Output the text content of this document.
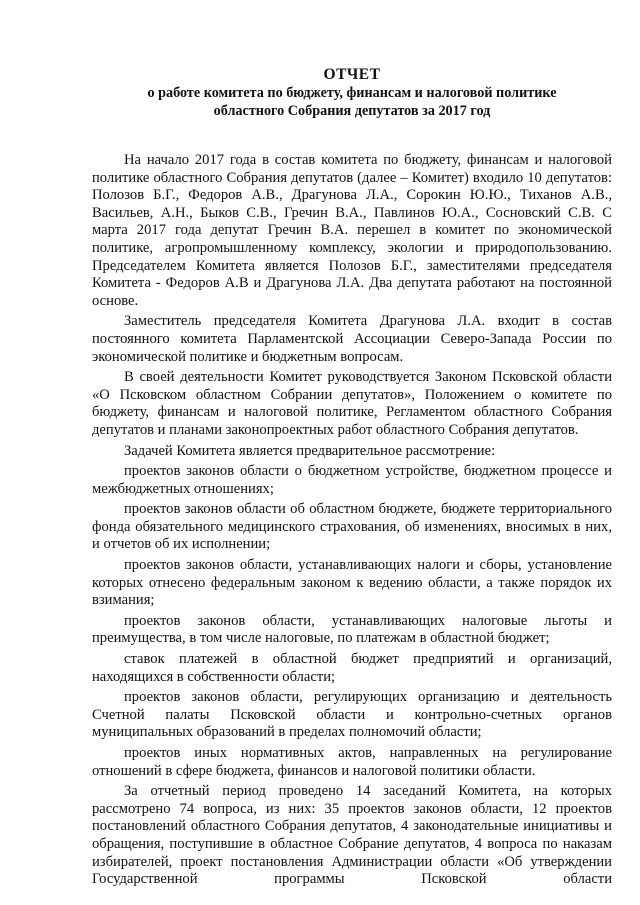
ОТЧЕТ

о работе комитета по бюджету, финансам и налоговой политике

областного Собрания депутатов за 2017 год

На начало 2017 года в состав комитета по бюджету, финансам и налоговой политике областного Собрания депутатов (далее – Комитет) входило 10 депутатов: Полозов Б.Г., Федоров А.В., Драгунова Л.А., Сорокин Ю.Ю., Тиханов А.В., Васильев, А.Н., Быков С.В., Гречин В.А., Павлинов Ю.А., Сосновский С.В. С марта 2017 года депутат Гречин В.А. перешел в комитет по экономической политике, агропромышленному комплексу, экологии и природопользованию. Председателем Комитета является Полозов Б.Г., заместителями председателя Комитета - Федоров А.В и Драгунова Л.А. Два депутата работают на постоянной основе.

Заместитель председателя Комитета Драгунова Л.А. входит в состав постоянного комитета Парламентской Ассоциации Северо-Запада России по экономической политике и бюджетным вопросам.

В своей деятельности Комитет руководствуется Законом Псковской области «О Псковском областном Собрании депутатов», Положением о комитете по бюджету, финансам и налоговой политике, Регламентом областного Собрания депутатов и планами законопроектных работ областного Собрания депутатов.

Задачей Комитета является предварительное рассмотрение:

проектов законов области о бюджетном устройстве, бюджетном процессе и межбюджетных отношениях;

проектов законов области об областном бюджете, бюджете территориального фонда обязательного медицинского страхования, об изменениях, вносимых в них, и отчетов об их исполнении;

проектов законов области, устанавливающих налоги и сборы, установление которых отнесено федеральным законом к ведению области, а также порядок их взимания;

проектов законов области, устанавливающих налоговые льготы и преимущества, в том числе налоговые, по платежам в областной бюджет;

ставок платежей в областной бюджет предприятий и организаций, находящихся в собственности области;

проектов законов области, регулирующих организацию и деятельность Счетной палаты Псковской области и контрольно-счетных органов муниципальных образований в пределах полномочий области;

проектов иных нормативных актов, направленных на регулирование отношений в сфере бюджета, финансов и налоговой политики области.

За отчетный период проведено 14 заседаний Комитета, на которых рассмотрено 74 вопроса, из них: 35 проектов законов области, 12 проектов постановлений областного Собрания депутатов, 4 законодательные инициативы и обращения, поступившие в областное Собрание депутатов, 4 вопроса по наказам избирателей, проект постановления Администрации области «Об утверждении Государственной программы Псковской области
